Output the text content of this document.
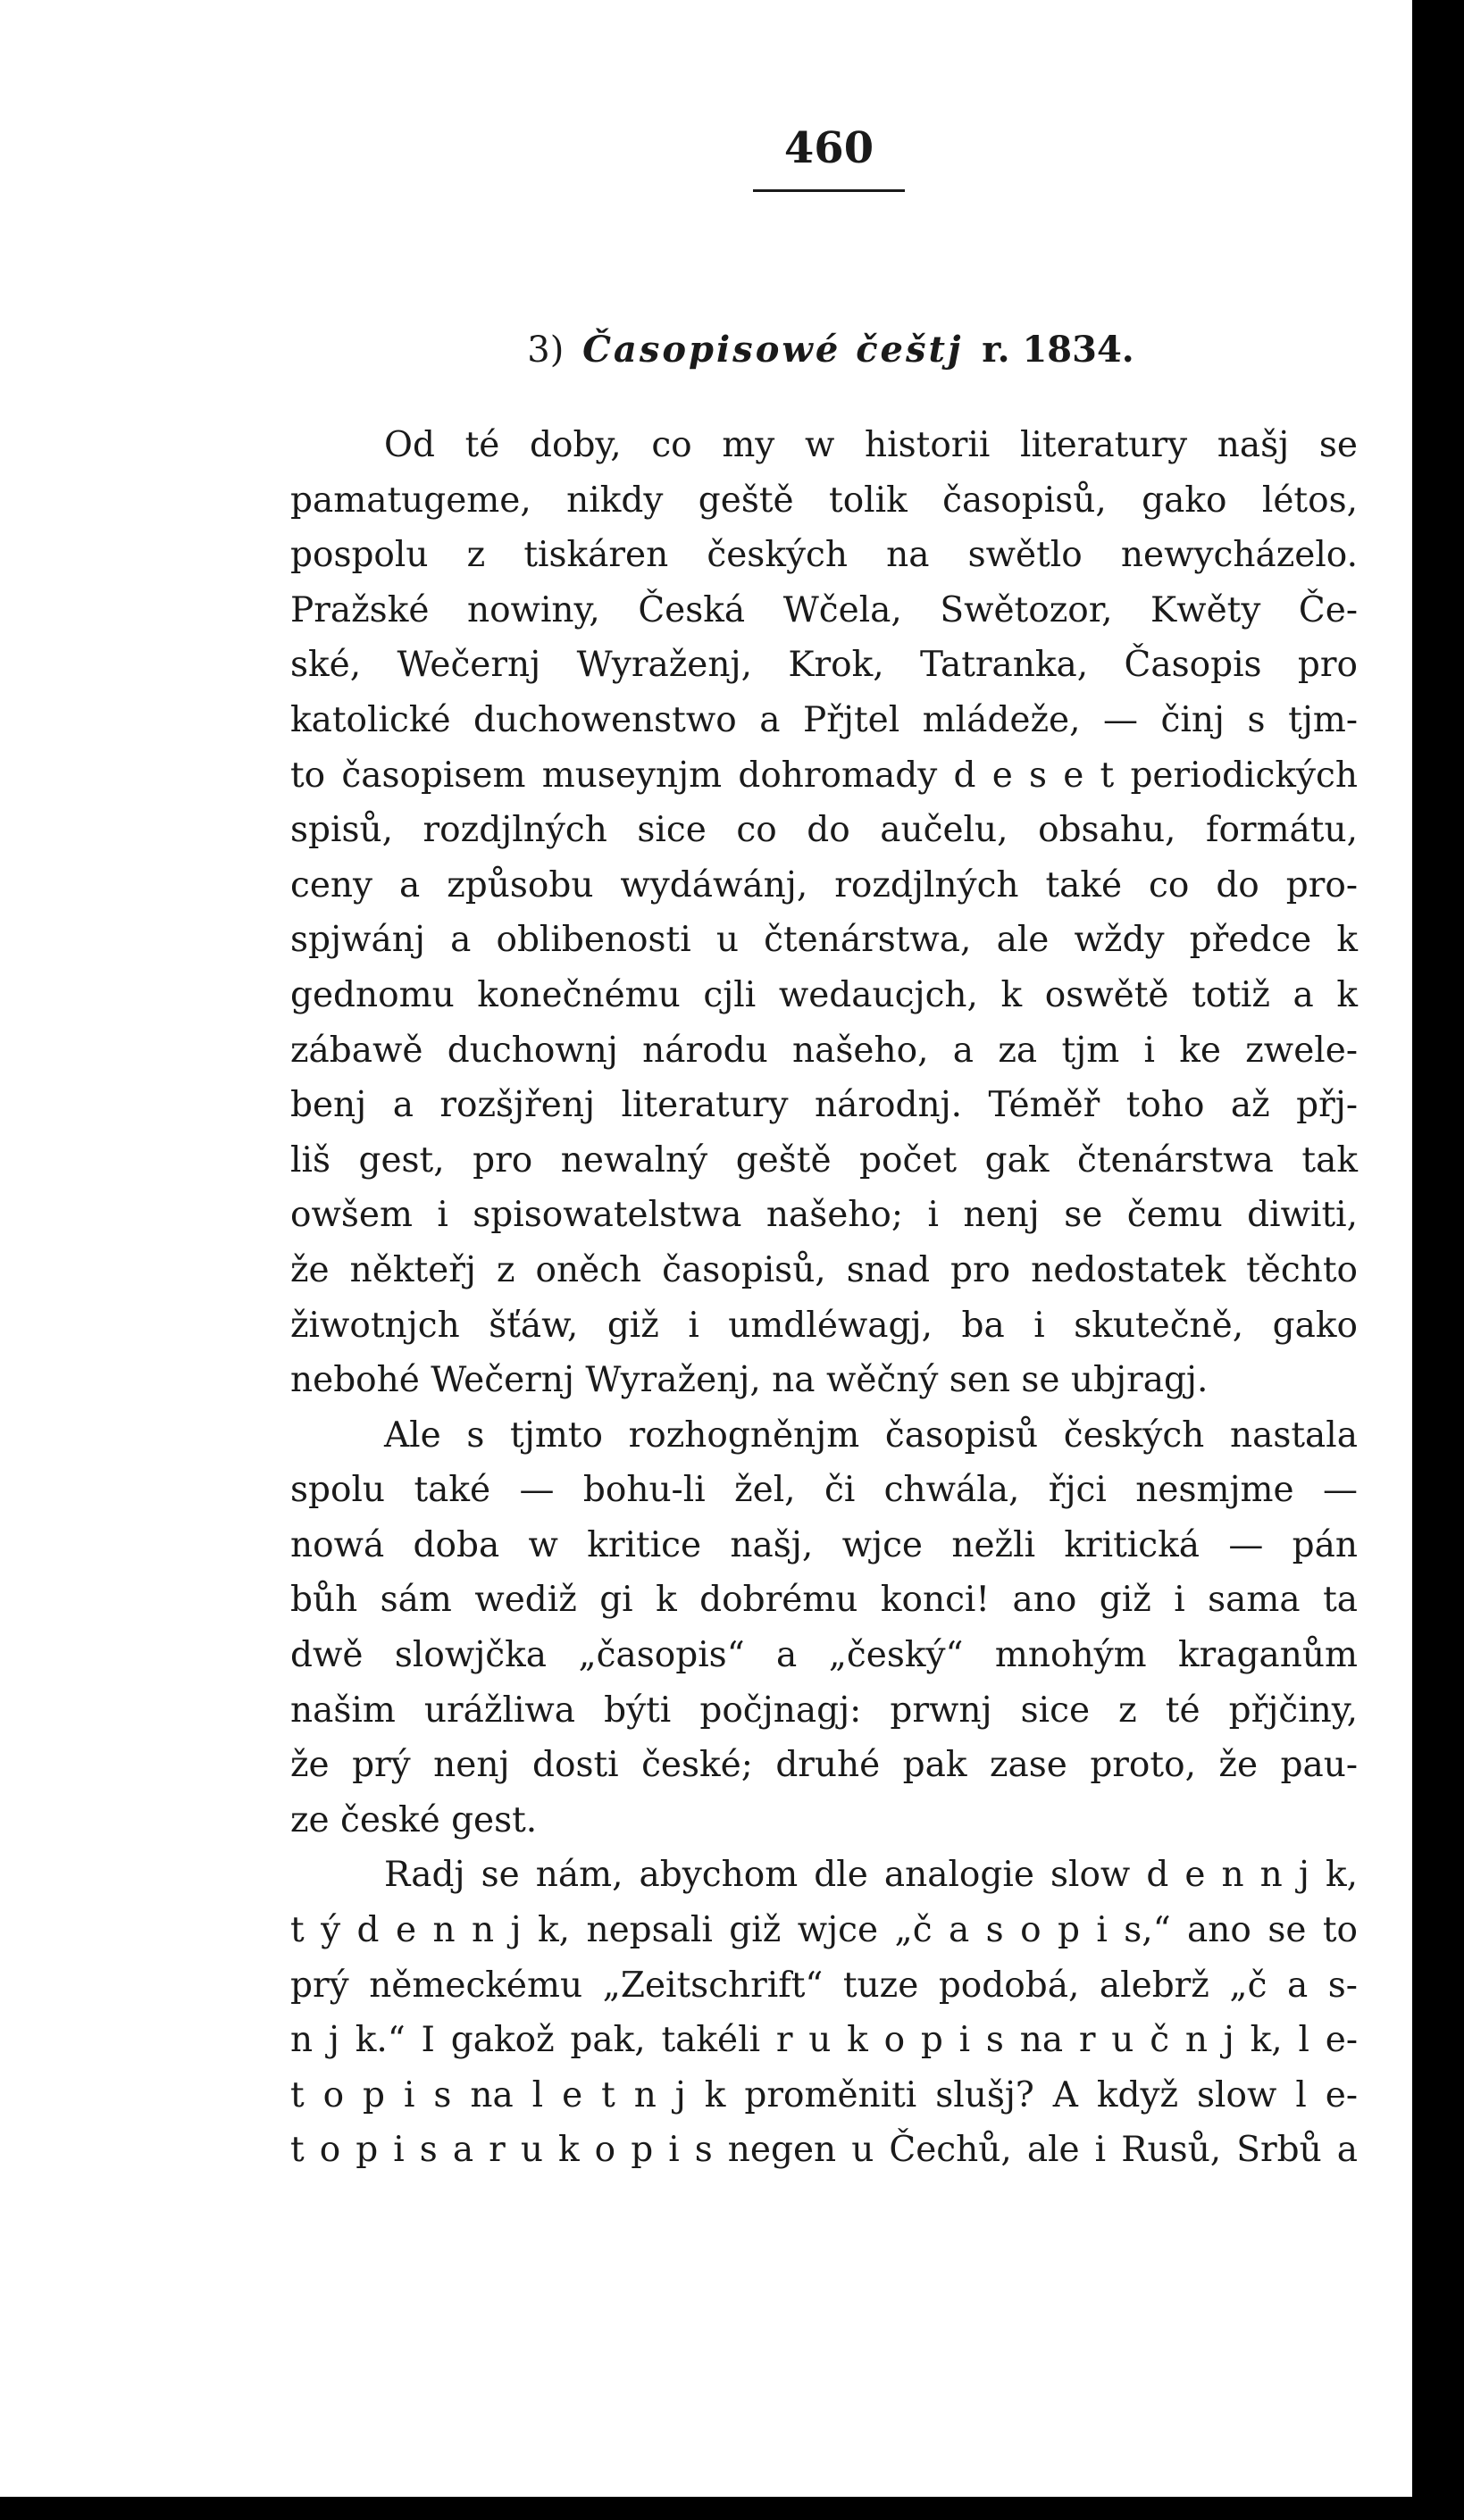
460
3) Časopisowé češtj r. 1834.
Od té doby, co my w historii literatury našj se
pamatugeme, nikdy geště tolik časopisů, gako létos,
pospolu z tiskáren českých na swětlo newycházelo.
Pražské nowiny, Česká Wčela, Swětozor, Kwěty Če-
ské, Wečernj Wyraženj, Krok, Tatranka, Časopis pro
katolické duchowenstwo a Přjtel mládeže, — činj s tjm-
to časopisem museynjm dohromady d e s e t periodických
spisů, rozdjlných sice co do aučelu, obsahu, formátu,
ceny a způsobu wydáwánj, rozdjlných také co do pro-
spjwánj a oblibenosti u čtenárstwa, ale wždy předce k
gednomu konečnému cjli wedaucjch, k oswětě totiž a k
zábawě duchownj národu našeho, a za tjm i ke zwele-
benj a rozšjřenj literatury národnj. Téměř toho až přj-
liš gest, pro newalný geště počet gak čtenárstwa tak
owšem i spisowatelstwa našeho; i nenj se čemu diwiti,
že někteřj z oněch časopisů, snad pro nedostatek těchto
žiwotnjch šťáw, giž i umdléwagj, ba i skutečně, gako
nebohé Wečernj Wyraženj, na wěčný sen se ubjragj.
Ale s tjmto rozhogněnjm časopisů českých nastala
spolu také — bohu-li žel, či chwála, řjci nesmjme —
nowá doba w kritice našj, wjce nežli kritická — pán
bůh sám wediž gi k dobrému konci! ano giž i sama ta
dwě slowjčka „časopis“ a „český“ mnohým kraganům
našim urážliwa býti počjnagj: prwnj sice z té přjčiny,
že prý nenj dosti české; druhé pak zase proto, že pau-
ze české gest.
Radj se nám, abychom dle analogie slow d e n n j k,
t ý d e n n j k, nepsali giž wjce „č a s o p i s,“ ano se to
prý německému „Zeitschrift“ tuze podobá, alebrž „č a s-
n j k.“ I gakož pak, takéli r u k o p i s na r u č n j k, l e-
t o p i s na l e t n j k proměniti slušj? A když slow l e-
t o p i s a r u k o p i s negen u Čechů, ale i Rusů, Srbů a
